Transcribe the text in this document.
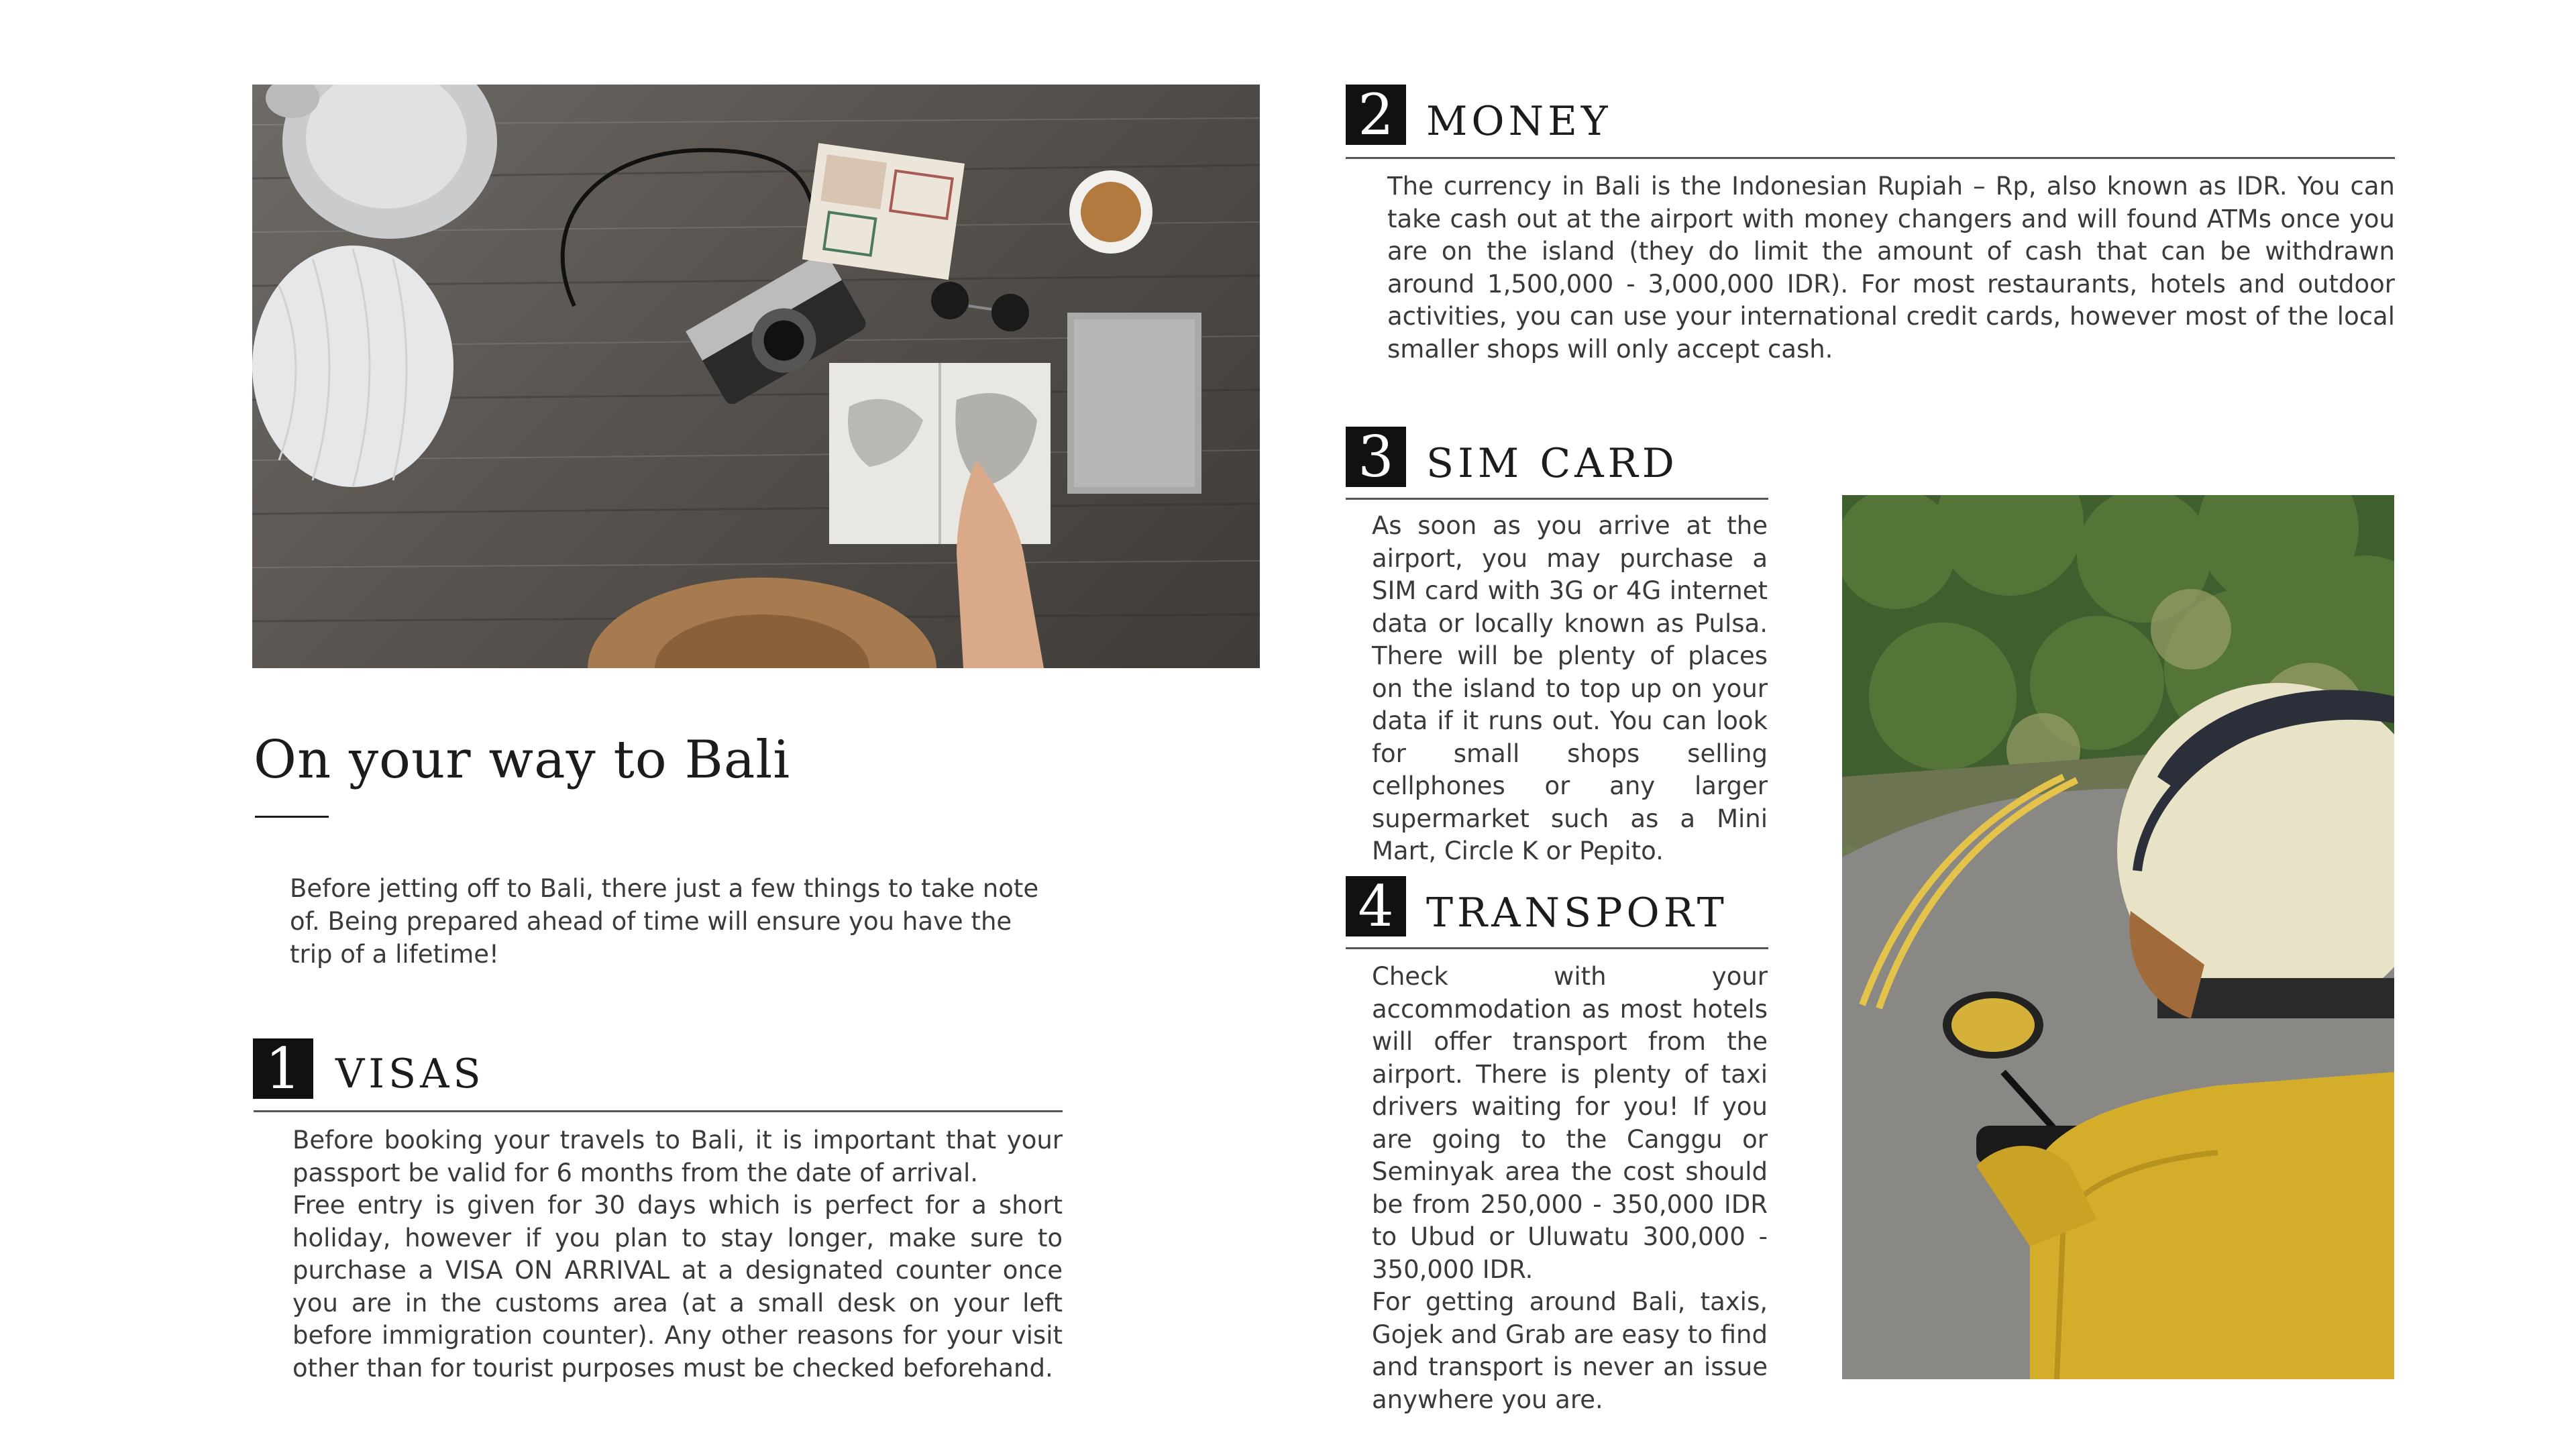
On your way to Bali
Before jetting off to Bali, there just a few things to take note of. Being prepared ahead of time will ensure you have the trip of a lifetime!
1 VISAS
Before booking your travels to Bali, it is important that your passport be valid for 6 months from the date of arrival.
Free entry is given for 30 days which is perfect for a short holiday, however if you plan to stay longer, make sure to purchase a VISA ON ARRIVAL at a designated counter once you are in the customs area (at a small desk on your left before immigration counter). Any other reasons for your visit other than for tourist purposes must be checked beforehand.
2 MONEY
The currency in Bali is the Indonesian Rupiah – Rp, also known as IDR. You can take cash out at the airport with money changers and will found ATMs once you are on the island (they do limit the amount of cash that can be withdrawn around 1,500,000 - 3,000,000 IDR). For most restaurants, hotels and outdoor activities, you can use your international credit cards, however most of the local smaller shops will only accept cash.
3 SIM CARD
As soon as you arrive at the airport, you may purchase a SIM card with 3G or 4G internet data or locally known as Pulsa. There will be plenty of places on the island to top up on your data if it runs out. You can look for small shops selling cellphones or any larger supermarket such as a Mini Mart, Circle K or Pepito.
4 TRANSPORT
Check with your accommodation as most hotels will offer transport from the airport. There is plenty of taxi drivers waiting for you! If you are going to the Canggu or Seminyak area the cost should be from 250,000 - 350,000 IDR to Ubud or Uluwatu 300,000 - 350,000 IDR.
For getting around Bali, taxis, Gojek and Grab are easy to find and transport is never an issue anywhere you are.
